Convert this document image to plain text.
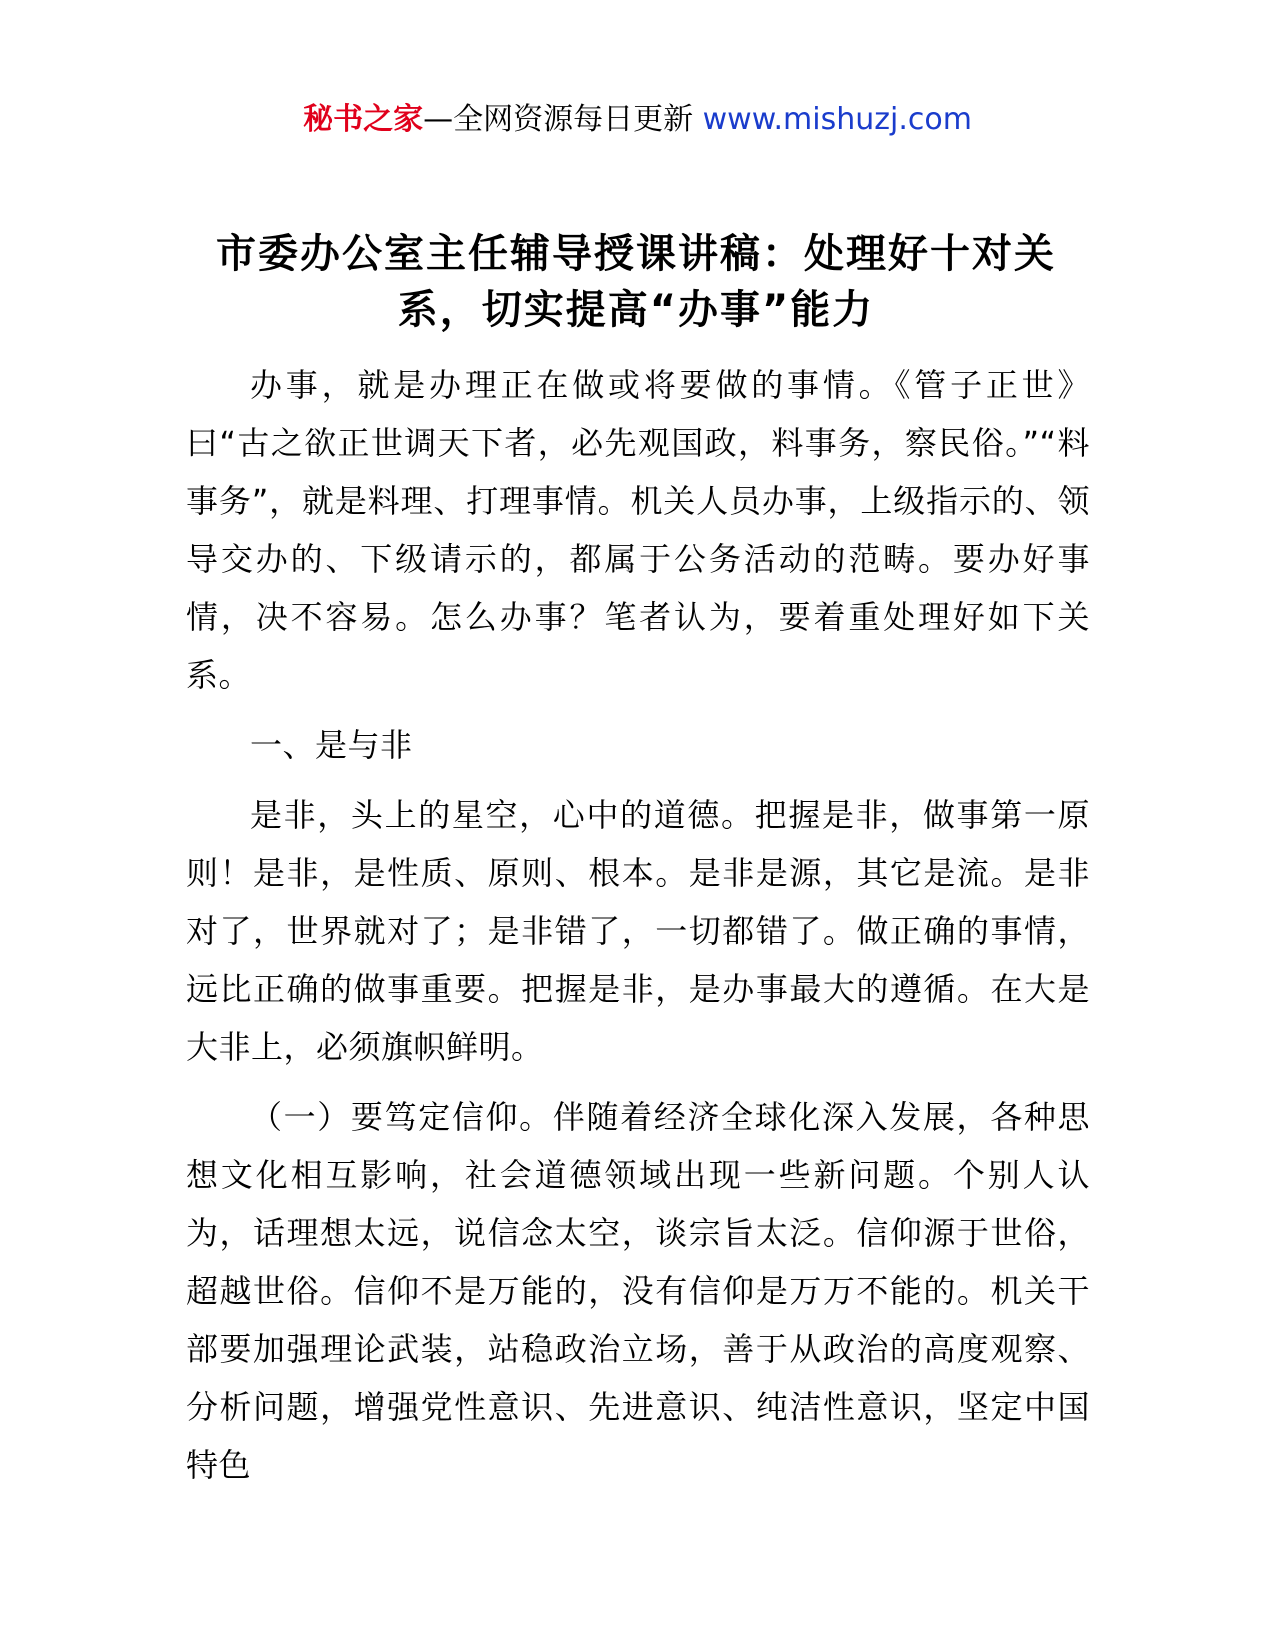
秘书之家—全网资源每日更新 www.mishuzj.com
市委办公室主任辅导授课讲稿：处理好十对关系，切实提高“办事”能力

办事，就是办理正在做或将要做的事情。《管子正世》曰“古之欲正世调天下者，必先观国政，料事务，察民俗。”“料事务”，就是料理、打理事情。机关人员办事，上级指示的、领导交办的、下级请示的，都属于公务活动的范畴。要办好事情，决不容易。怎么办事？笔者认为，要着重处理好如下关系。

一、是与非

是非，头上的星空，心中的道德。把握是非，做事第一原则！是非，是性质、原则、根本。是非是源，其它是流。是非对了，世界就对了；是非错了，一切都错了。做正确的事情，远比正确的做事重要。把握是非，是办事最大的遵循。在大是大非上，必须旗帜鲜明。

（一）要笃定信仰。伴随着经济全球化深入发展，各种思想文化相互影响，社会道德领域出现一些新问题。个别人认为，话理想太远，说信念太空，谈宗旨太泛。信仰源于世俗，超越世俗。信仰不是万能的，没有信仰是万万不能的。机关干部要加强理论武装，站稳政治立场，善于从政治的高度观察、分析问题，增强党性意识、先进意识、纯洁性意识，坚定中国特色
